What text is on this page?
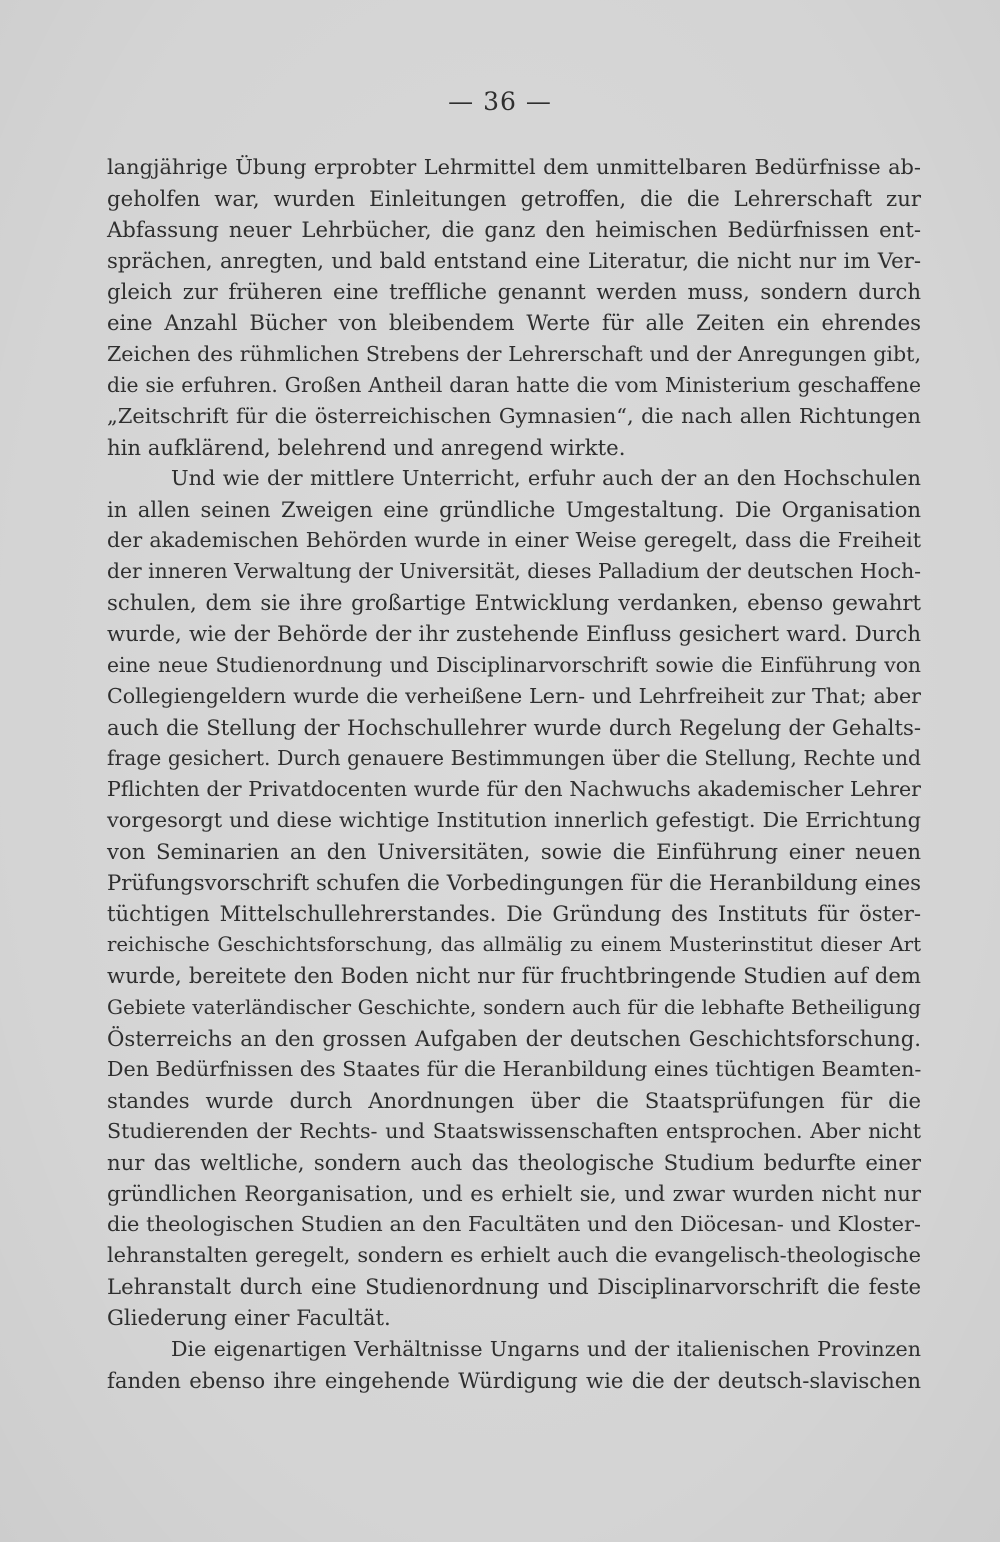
— 36 —
langjährige Übung erprobter Lehrmittel dem unmittelbaren Bedürfnisse ab-
geholfen war, wurden Einleitungen getroffen, die die Lehrerschaft zur
Abfassung neuer Lehrbücher, die ganz den heimischen Bedürfnissen ent-
sprächen, anregten, und bald entstand eine Literatur, die nicht nur im Ver-
gleich zur früheren eine treffliche genannt werden muss, sondern durch
eine Anzahl Bücher von bleibendem Werte für alle Zeiten ein ehrendes
Zeichen des rühmlichen Strebens der Lehrerschaft und der Anregungen gibt,
die sie erfuhren. Großen Antheil daran hatte die vom Ministerium geschaffene
„Zeitschrift für die österreichischen Gymnasien“, die nach allen Richtungen
hin aufklärend, belehrend und anregend wirkte.
Und wie der mittlere Unterricht, erfuhr auch der an den Hochschulen
in allen seinen Zweigen eine gründliche Umgestaltung. Die Organisation
der akademischen Behörden wurde in einer Weise geregelt, dass die Freiheit
der inneren Verwaltung der Universität, dieses Palladium der deutschen Hoch-
schulen, dem sie ihre großartige Entwicklung verdanken, ebenso gewahrt
wurde, wie der Behörde der ihr zustehende Einfluss gesichert ward. Durch
eine neue Studienordnung und Disciplinarvorschrift sowie die Einführung von
Collegiengeldern wurde die verheißene Lern- und Lehrfreiheit zur That; aber
auch die Stellung der Hochschullehrer wurde durch Regelung der Gehalts-
frage gesichert. Durch genauere Bestimmungen über die Stellung, Rechte und
Pflichten der Privatdocenten wurde für den Nachwuchs akademischer Lehrer
vorgesorgt und diese wichtige Institution innerlich gefestigt. Die Errichtung
von Seminarien an den Universitäten, sowie die Einführung einer neuen
Prüfungsvorschrift schufen die Vorbedingungen für die Heranbildung eines
tüchtigen Mittelschullehrerstandes. Die Gründung des Instituts für öster-
reichische Geschichtsforschung, das allmälig zu einem Musterinstitut dieser Art
wurde, bereitete den Boden nicht nur für fruchtbringende Studien auf dem
Gebiete vaterländischer Geschichte, sondern auch für die lebhafte Betheiligung
Österreichs an den grossen Aufgaben der deutschen Geschichtsforschung.
Den Bedürfnissen des Staates für die Heranbildung eines tüchtigen Beamten-
standes wurde durch Anordnungen über die Staatsprüfungen für die
Studierenden der Rechts- und Staatswissenschaften entsprochen. Aber nicht
nur das weltliche, sondern auch das theologische Studium bedurfte einer
gründlichen Reorganisation, und es erhielt sie, und zwar wurden nicht nur
die theologischen Studien an den Facultäten und den Diöcesan- und Kloster-
lehranstalten geregelt, sondern es erhielt auch die evangelisch-theologische
Lehranstalt durch eine Studienordnung und Disciplinarvorschrift die feste
Gliederung einer Facultät.
Die eigenartigen Verhältnisse Ungarns und der italienischen Provinzen
fanden ebenso ihre eingehende Würdigung wie die der deutsch-slavischen
